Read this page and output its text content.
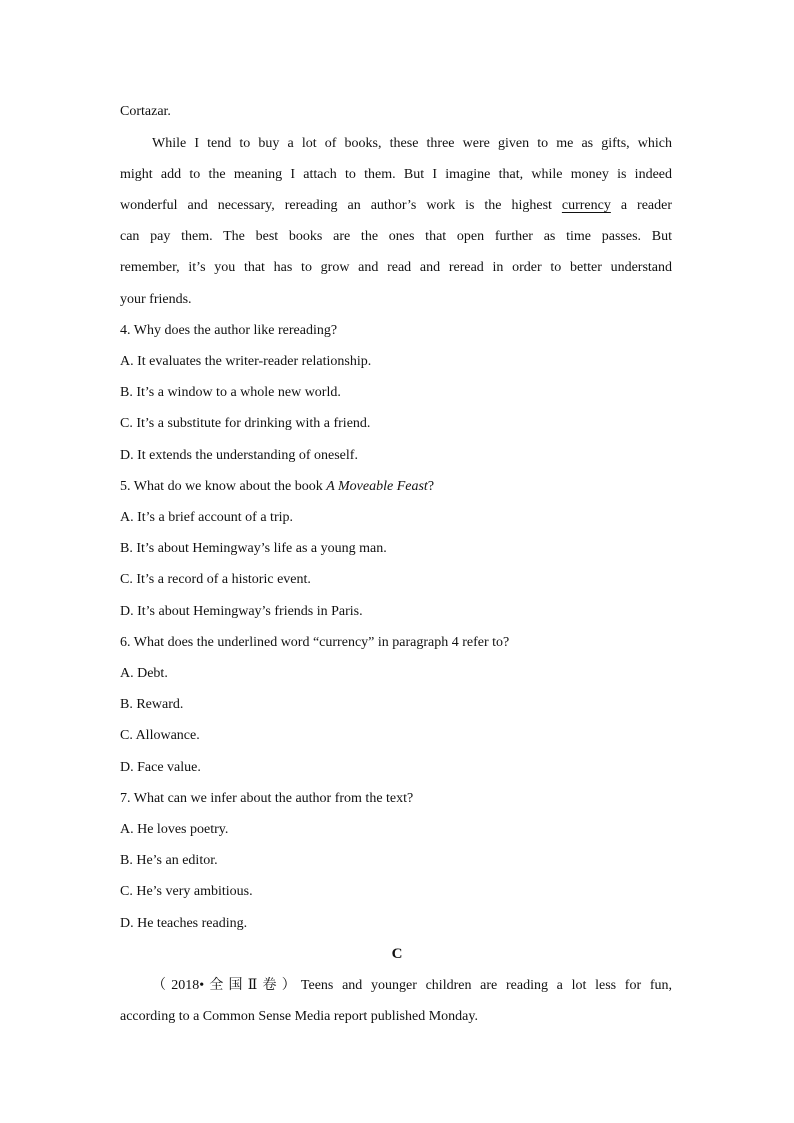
Cortazar.
While I tend to buy a lot of books, these three were given to me as gifts, which
might add to the meaning I attach to them. But I imagine that, while money is indeed
wonderful and necessary, rereading an author’s work is the highest currency a reader
can pay them. The best books are the ones that open further as time passes. But
remember, it’s you that has to grow and read and reread in order to better understand
your friends.
4. Why does the author like rereading?
A. It evaluates the writer-reader relationship.
B. It’s a window to a whole new world.
C. It’s a substitute for drinking with a friend.
D. It extends the understanding of oneself.
5. What do we know about the book A Moveable Feast?
A. It’s a brief account of a trip.
B. It’s about Hemingway’s life as a young man.
C. It’s a record of a historic event.
D. It’s about Hemingway’s friends in Paris.
6. What does the underlined word “currency” in paragraph 4 refer to?
A. Debt.
B. Reward.
C. Allowance.
D. Face value.
7. What can we infer about the author from the text?
A. He loves poetry.
B. He’s an editor.
C. He’s very ambitious.
D. He teaches reading.
C
（2018•全国Ⅱ卷）Teens and younger children are reading a lot less for fun,
according to a Common Sense Media report published Monday.
